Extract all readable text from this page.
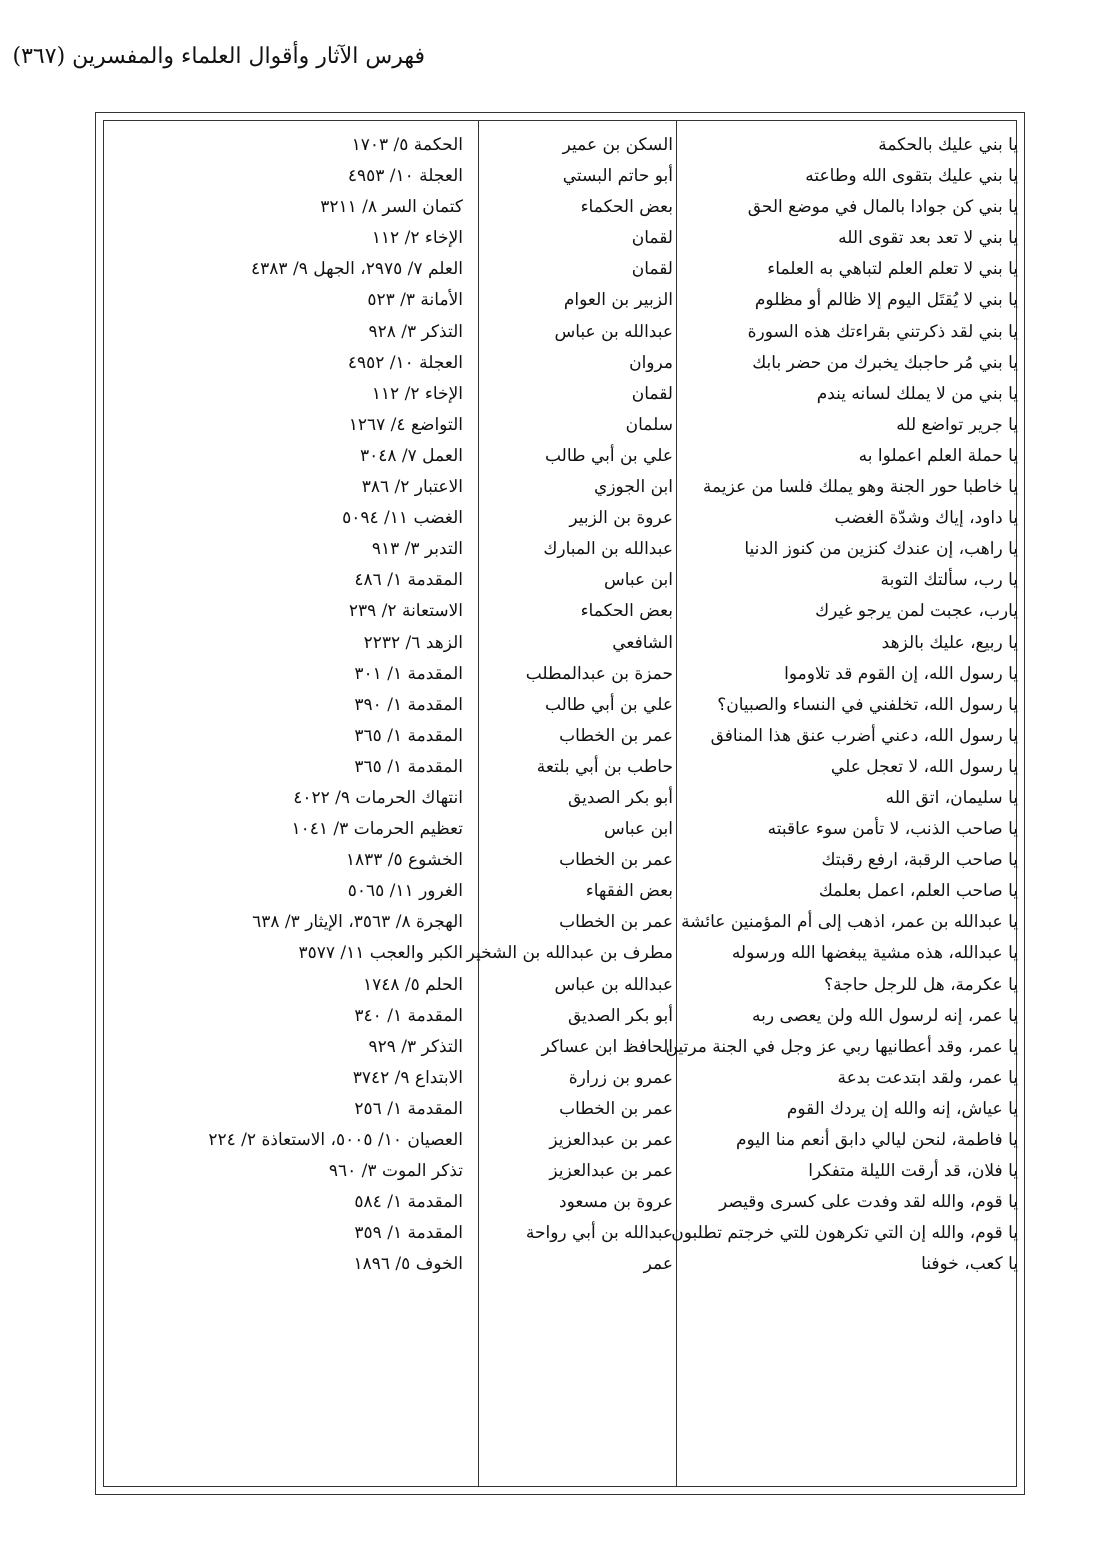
فهرس الآثار وأقوال العلماء والمفسرين (٣٦٧)
يا بني عليك بالحكمة
السكن بن عمير
الحكمة ٥/ ١٧٠٣
يا بني عليك بتقوى الله وطاعته
أبو حاتم البستي
العجلة ١٠/ ٤٩٥٣
يا بني كن جوادا بالمال في موضع الحق
بعض الحكماء
كتمان السر ٨/ ٣٢١١
يا بني لا تعد بعد تقوى الله
لقمان
الإخاء ٢/ ١١٢
يا بني لا تعلم العلم لتباهي به العلماء
لقمان
العلم ٧/ ٢٩٧٥، الجهل ٩/ ٤٣٨٣
يا بني لا يُقتَل اليوم إلا ظالم أو مظلوم
الزبير بن العوام
الأمانة ٣/ ٥٢٣
يا بني لقد ذكرتني بقراءتك هذه السورة
عبدالله بن عباس
التذكر ٣/ ٩٢٨
يا بني مُر حاجبك يخبرك من حضر بابك
مروان
العجلة ١٠/ ٤٩٥٢
يا بني من لا يملك لسانه يندم
لقمان
الإخاء ٢/ ١١٢
يا جرير تواضع لله
سلمان
التواضع ٤/ ١٢٦٧
يا حملة العلم اعملوا به
علي بن أبي طالب
العمل ٧/ ٣٠٤٨
يا خاطبا حور الجنة وهو يملك فلسا من عزيمة
ابن الجوزي
الاعتبار ٢/ ٣٨٦
يا داود، إياك وشدّة الغضب
عروة بن الزبير
الغضب ١١/ ٥٠٩٤
يا راهب، إن عندك كنزين من كنوز الدنيا
عبدالله بن المبارك
التدبر ٣/ ٩١٣
يا رب، سألتك التوبة
ابن عباس
المقدمة ١/ ٤٨٦
يارب، عجبت لمن يرجو غيرك
بعض الحكماء
الاستعانة ٢/ ٢٣٩
يا ربيع، عليك بالزهد
الشافعي
الزهد ٦/ ٢٢٣٢
يا رسول الله، إن القوم قد تلاوموا
حمزة بن عبدالمطلب
المقدمة ١/ ٣٠١
يا رسول الله، تخلفني في النساء والصبيان؟
علي بن أبي طالب
المقدمة ١/ ٣٩٠
يا رسول الله، دعني أضرب عنق هذا المنافق
عمر بن الخطاب
المقدمة ١/ ٣٦٥
يا رسول الله، لا تعجل علي
حاطب بن أبي بلتعة
المقدمة ١/ ٣٦٥
يا سليمان، اتق الله
أبو بكر الصديق
انتهاك الحرمات ٩/ ٤٠٢٢
يا صاحب الذنب، لا تأمن سوء عاقبته
ابن عباس
تعظيم الحرمات ٣/ ١٠٤١
يا صاحب الرقبة، ارفع رقبتك
عمر بن الخطاب
الخشوع ٥/ ١٨٣٣
يا صاحب العلم، اعمل بعلمك
بعض الفقهاء
الغرور ١١/ ٥٠٦٥
يا عبدالله بن عمر، اذهب إلى أم المؤمنين عائشة
عمر بن الخطاب
الهجرة ٨/ ٣٥٦٣، الإيثار ٣/ ٦٣٨
يا عبدالله، هذه مشية يبغضها الله ورسوله
مطرف بن عبدالله بن الشخير
الكبر والعجب ١١/ ٣٥٧٧
يا عكرمة، هل للرجل حاجة؟
عبدالله بن عباس
الحلم ٥/ ١٧٤٨
يا عمر، إنه لرسول الله ولن يعصى ربه
أبو بكر الصديق
المقدمة ١/ ٣٤٠
يا عمر، وقد أعطانيها ربي عز وجل في الجنة مرتين
الحافظ ابن عساكر
التذكر ٣/ ٩٢٩
يا عمر، ولقد ابتدعت بدعة
عمرو بن زرارة
الابتداع ٩/ ٣٧٤٢
يا عياش، إنه والله إن يردك القوم
عمر بن الخطاب
المقدمة ١/ ٢٥٦
يا فاطمة، لنحن ليالي دابق أنعم منا اليوم
عمر بن عبدالعزيز
العصيان ١٠/ ٥٠٠٥، الاستعاذة ٢/ ٢٢٤
يا فلان، قد أرقت الليلة متفكرا
عمر بن عبدالعزيز
تذكر الموت ٣/ ٩٦٠
يا قوم، والله لقد وفدت على كسرى وقيصر
عروة بن مسعود
المقدمة ١/ ٥٨٤
يا قوم، والله إن التي تكرهون للتي خرجتم تطلبون
عبدالله بن أبي رواحة
المقدمة ١/ ٣٥٩
يا كعب، خوفنا
عمر
الخوف ٥/ ١٨٩٦
